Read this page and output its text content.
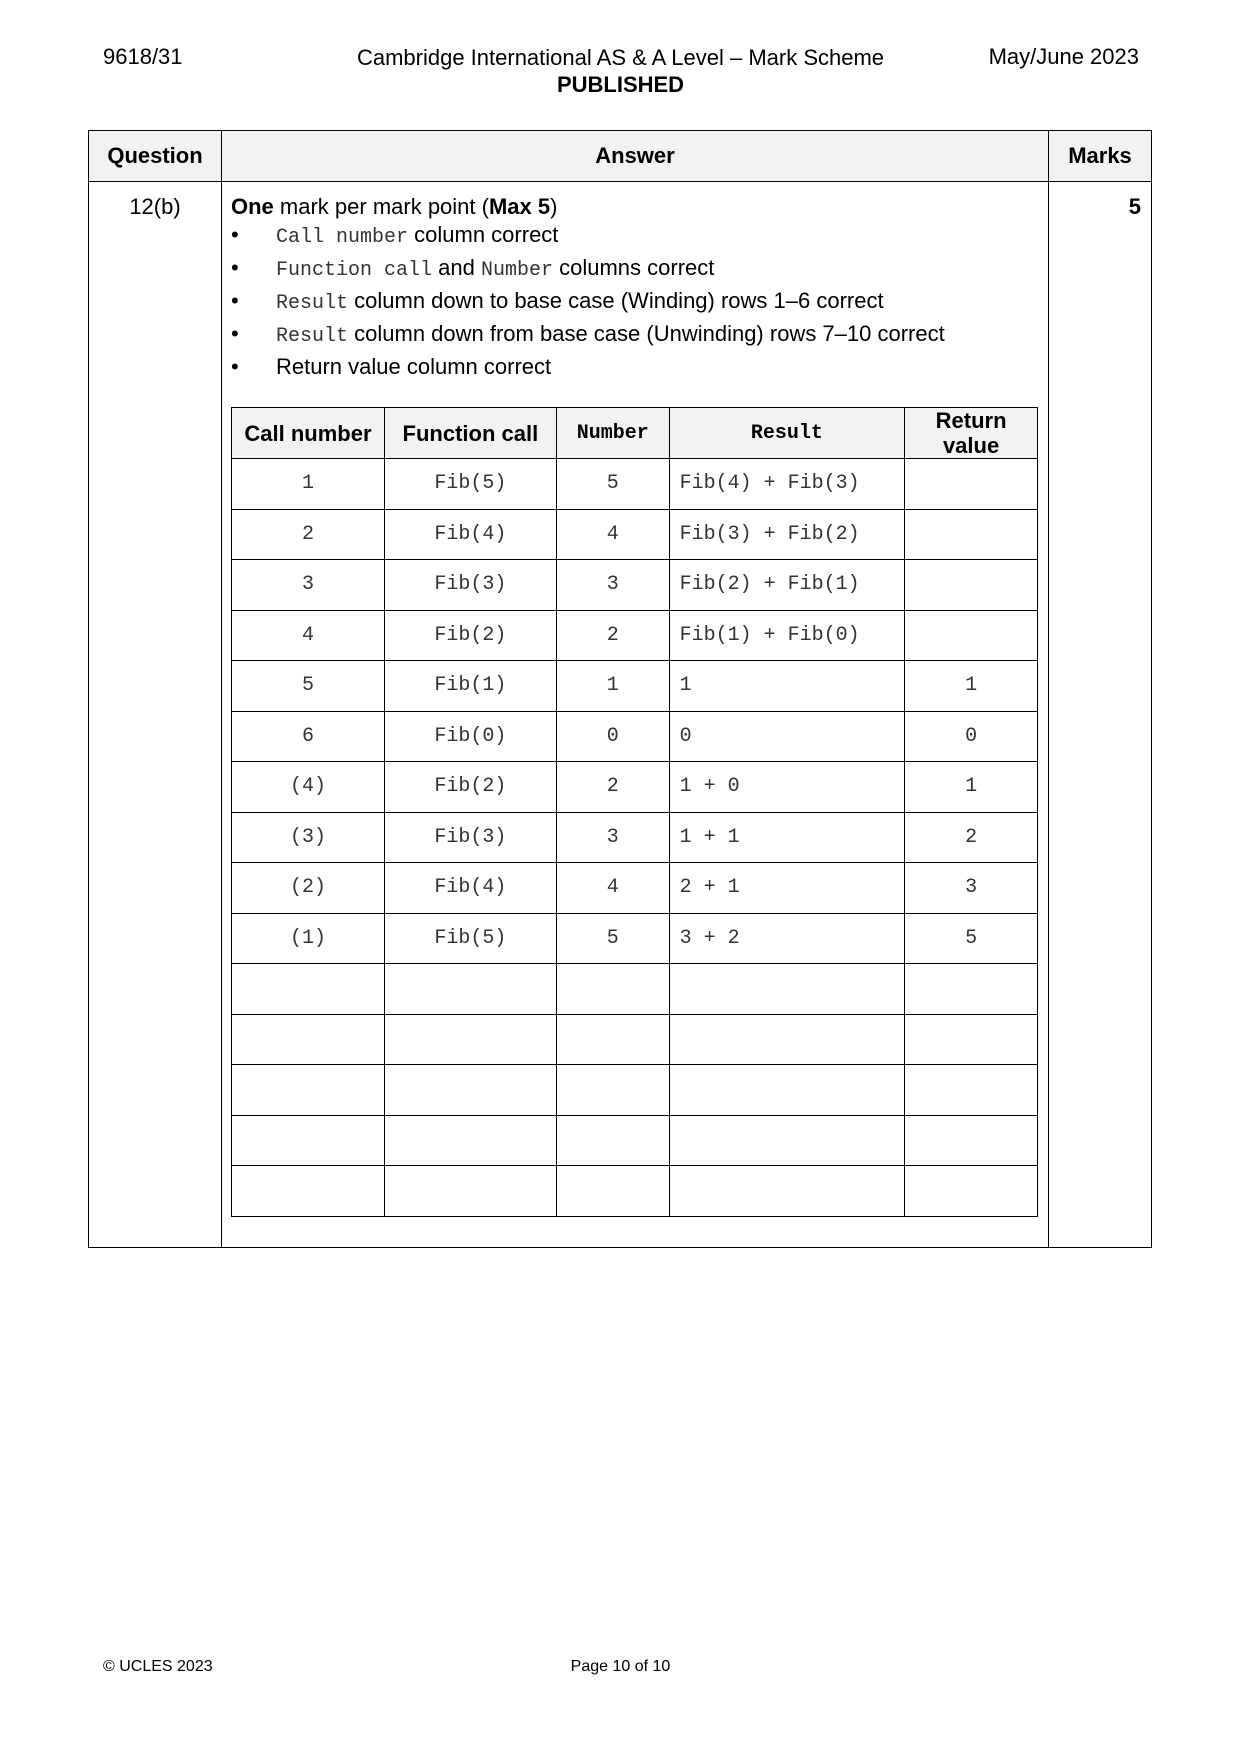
9618/31	Cambridge International AS & A Level – Mark Scheme
PUBLISHED
May/June 2023
Question	Answer	Marks
12(b)	One mark per mark point (Max 5)
• Call number column correct
• Function call and Number columns correct
• Result column down to base case (Winding) rows 1–6 correct
• Result column down from base case (Unwinding) rows 7–10 correct
• Return value column correct
Call number	Function call	Number	Result	Return value
1	Fib(5)	5	Fib(4) + Fib(3)	
2	Fib(4)	4	Fib(3) + Fib(2)	
3	Fib(3)	3	Fib(2) + Fib(1)	
4	Fib(2)	2	Fib(1) + Fib(0)	
5	Fib(1)	1	1	1
6	Fib(0)	0	0	0
(4)	Fib(2)	2	1 + 0	1
(3)	Fib(3)	3	1 + 1	2
(2)	Fib(4)	4	2 + 1	3
(1)	Fib(5)	5	3 + 2	5

	5
© UCLES 2023	Page 10 of 10
